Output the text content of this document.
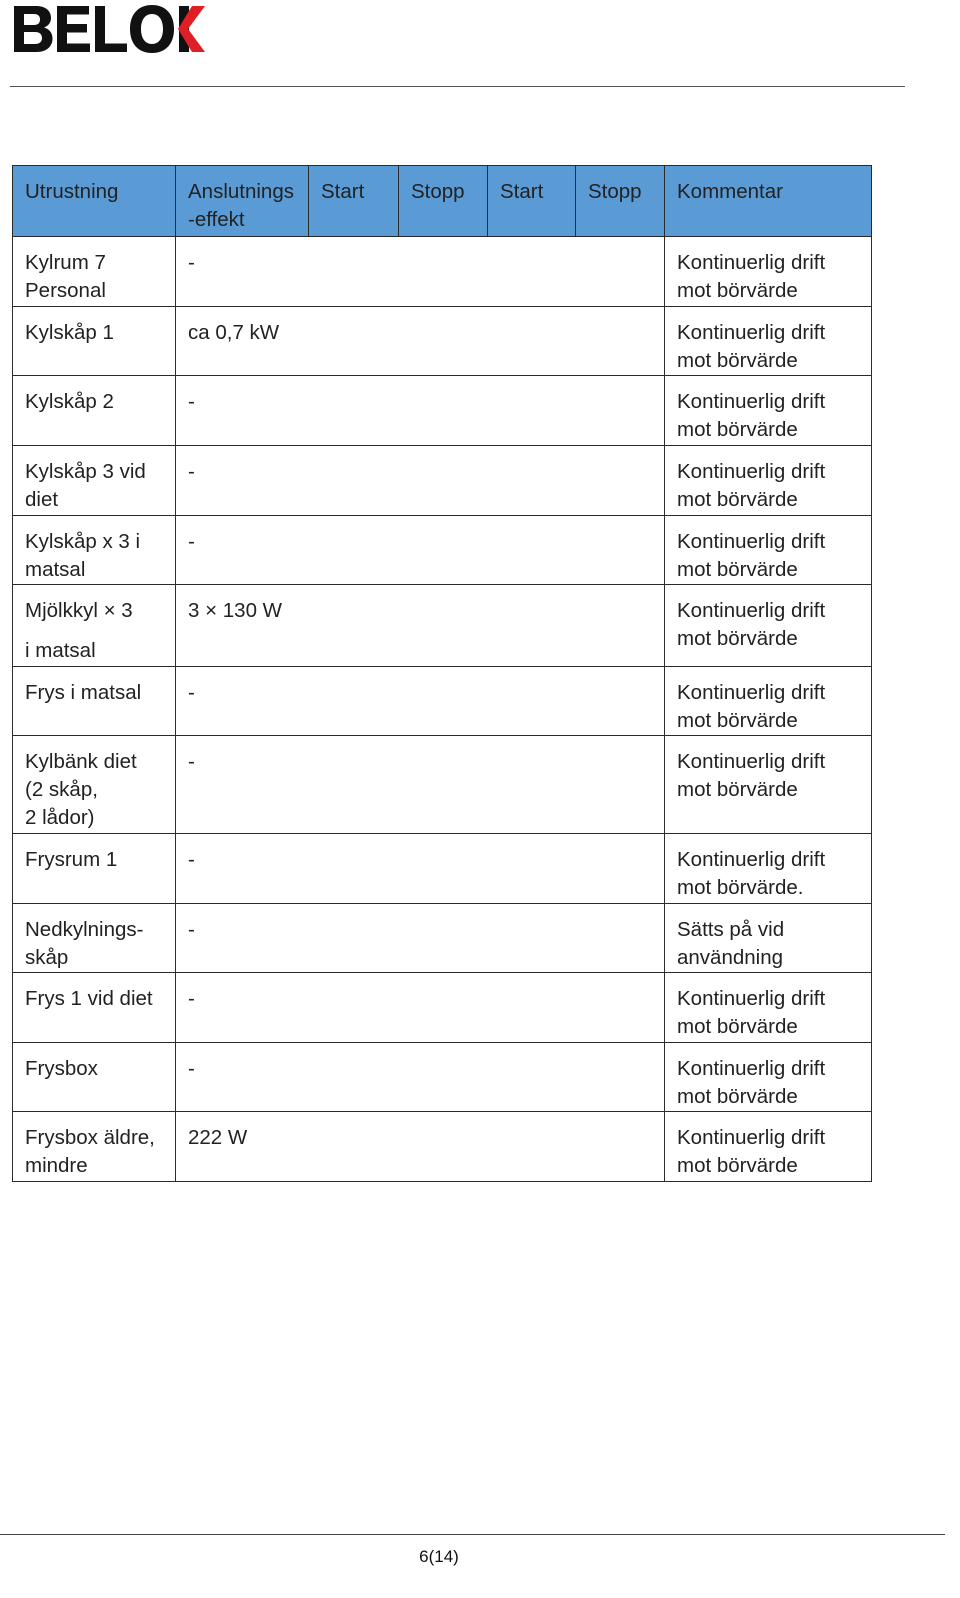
Utrustning	Anslutnings
-effekt	Start	Stopp	Start	Stopp	Kommentar

Kylrum 7
Personal	-					Kontinuerlig drift
mot börvärde

Kylskåp 1	ca 0,7 kW					Kontinuerlig drift
mot börvärde

Kylskåp 2	-					Kontinuerlig drift
mot börvärde

Kylskåp 3 vid
diet	-					Kontinuerlig drift
mot börvärde

Kylskåp x 3 i
matsal	-					Kontinuerlig drift
mot börvärde

Mjölkkyl × 3
i matsal	3 × 130 W					Kontinuerlig drift
mot börvärde

Frys i matsal	-					Kontinuerlig drift
mot börvärde

Kylbänk diet
(2 skåp,
2 lådor)	-					Kontinuerlig drift
mot börvärde

Frysrum 1	-					Kontinuerlig drift
mot börvärde.

Nedkylnings-
skåp	-					Sätts på vid
användning

Frys 1 vid diet	-					Kontinuerlig drift
mot börvärde

Frysbox	-					Kontinuerlig drift
mot börvärde

Frysbox äldre,
mindre	222 W					Kontinuerlig drift
mot börvärde
6(14)
